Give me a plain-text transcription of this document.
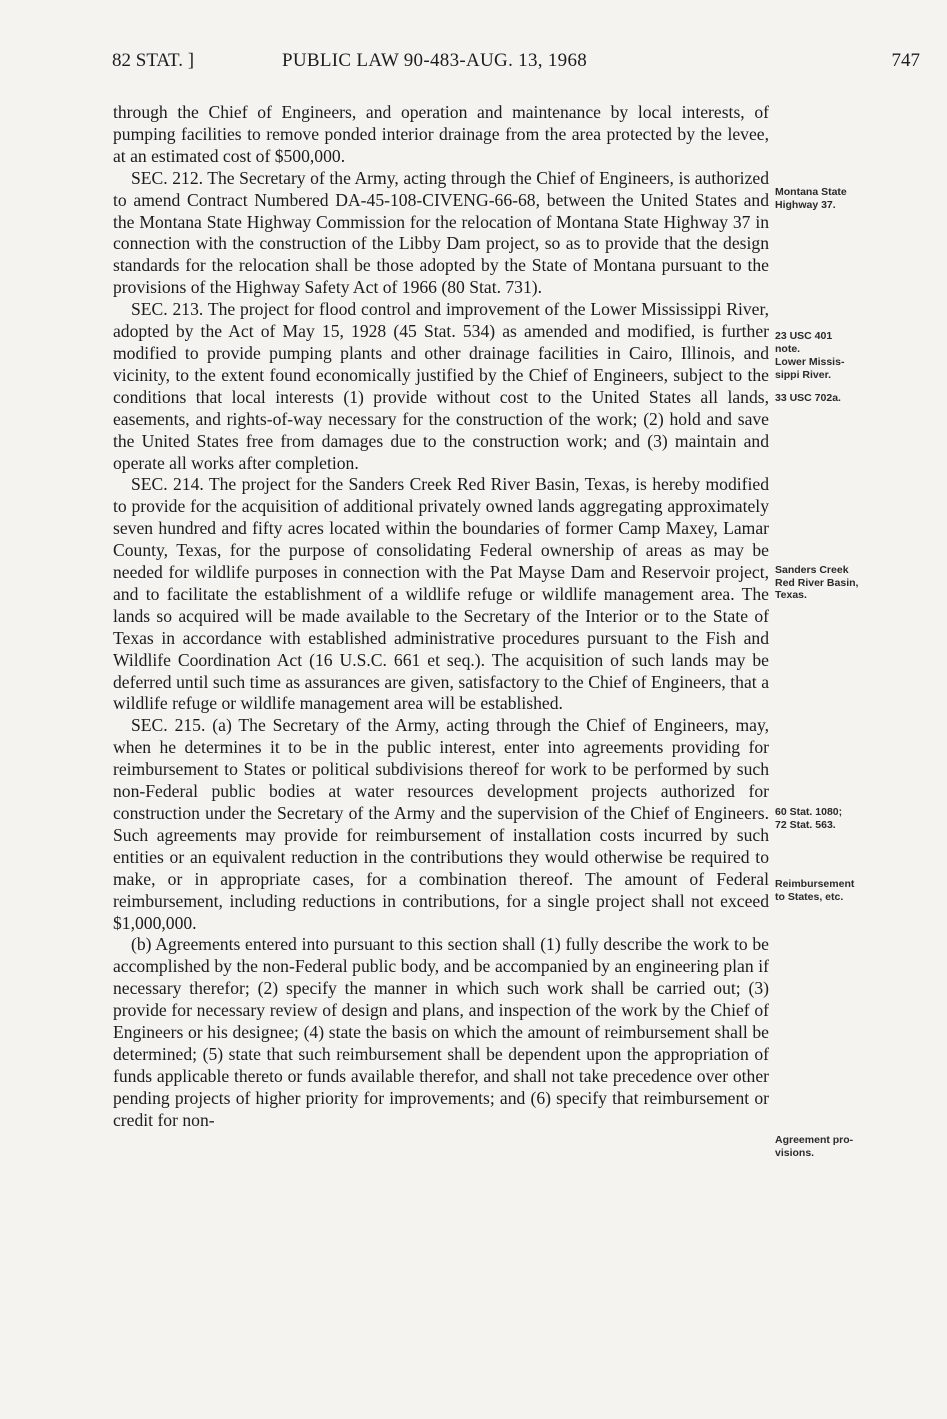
82 STAT. ]	PUBLIC LAW 90-483-AUG. 13, 1968	747

through the Chief of Engineers, and operation and maintenance by local interests, of pumping facilities to remove ponded interior drainage from the area protected by the levee, at an estimated cost of $500,000.

SEC. 212. The Secretary of the Army, acting through the Chief of Engineers, is authorized to amend Contract Numbered DA-45-108-CIVENG-66-68, between the United States and the Montana State Highway Commission for the relocation of Montana State Highway 37 in connection with the construction of the Libby Dam project, so as to provide that the design standards for the relocation shall be those adopted by the State of Montana pursuant to the provisions of the Highway Safety Act of 1966 (80 Stat. 731).

SEC. 213. The project for flood control and improvement of the Lower Mississippi River, adopted by the Act of May 15, 1928 (45 Stat. 534) as amended and modified, is further modified to provide pumping plants and other drainage facilities in Cairo, Illinois, and vicinity, to the extent found economically justified by the Chief of Engineers, subject to the conditions that local interests (1) provide without cost to the United States all lands, easements, and rights-of-way necessary for the construction of the work; (2) hold and save the United States free from damages due to the construction work; and (3) maintain and operate all works after completion.

SEC. 214. The project for the Sanders Creek Red River Basin, Texas, is hereby modified to provide for the acquisition of additional privately owned lands aggregating approximately seven hundred and fifty acres located within the boundaries of former Camp Maxey, Lamar County, Texas, for the purpose of consolidating Federal ownership of areas as may be needed for wildlife purposes in connection with the Pat Mayse Dam and Reservoir project, and to facilitate the establishment of a wildlife refuge or wildlife management area. The lands so acquired will be made available to the Secretary of the Interior or to the State of Texas in accordance with established administrative procedures pursuant to the Fish and Wildlife Coordination Act (16 U.S.C. 661 et seq.). The acquisition of such lands may be deferred until such time as assurances are given, satisfactory to the Chief of Engineers, that a wildlife refuge or wildlife management area will be established.

SEC. 215. (a) The Secretary of the Army, acting through the Chief of Engineers, may, when he determines it to be in the public interest, enter into agreements providing for reimbursement to States or political subdivisions thereof for work to be performed by such non-Federal public bodies at water resources development projects authorized for construction under the Secretary of the Army and the supervision of the Chief of Engineers. Such agreements may provide for reimbursement of installation costs incurred by such entities or an equivalent reduction in the contributions they would otherwise be required to make, or in appropriate cases, for a combination thereof. The amount of Federal reimbursement, including reductions in contributions, for a single project shall not exceed $1,000,000.

(b) Agreements entered into pursuant to this section shall (1) fully describe the work to be accomplished by the non-Federal public body, and be accompanied by an engineering plan if necessary therefor; (2) specify the manner in which such work shall be carried out; (3) provide for necessary review of design and plans, and inspection of the work by the Chief of Engineers or his designee; (4) state the basis on which the amount of reimbursement shall be determined; (5) state that such reimbursement shall be dependent upon the appropriation of funds applicable thereto or funds available therefor, and shall not take precedence over other pending projects of higher priority for improvements; and (6) specify that reimbursement or credit for non-

Montana State
Highway 37.
23 USC 401
note.
Lower Missis-
sippi River.
33 USC 702a.
Sanders Creek
Red River Basin,
Texas.
60 Stat. 1080;
72 Stat. 563.
Reimbursement
to States, etc.
Agreement pro-
visions.
